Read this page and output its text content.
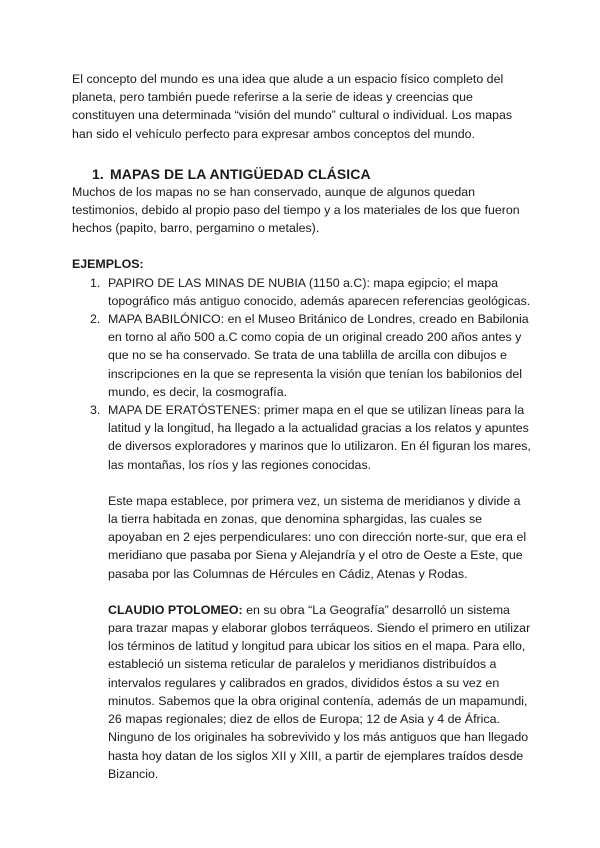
El concepto del mundo es una idea que alude a un espacio físico completo del planeta, pero también puede referirse a la serie de ideas y creencias que constituyen una determinada “visión del mundo” cultural o individual. Los mapas han sido el vehículo perfecto para expresar ambos conceptos del mundo.

1. MAPAS DE LA ANTIGÜEDAD CLÁSICA

Muchos de los mapas no se han conservado, aunque de algunos quedan testimonios, debido al propio paso del tiempo y a los materiales de los que fueron hechos (papito, barro, pergamino o metales).

EJEMPLOS:
1. PAPIRO DE LAS MINAS DE NUBIA (1150 a.C): mapa egipcio; el mapa topográfico más antiguo conocido, además aparecen referencias geológicas.
2. MAPA BABILÓNICO: en el Museo Británico de Londres, creado en Babilonia en torno al año 500 a.C como copia de un original creado 200 años antes y que no se ha conservado. Se trata de una tablilla de arcilla con dibujos e inscripciones en la que se representa la visión que tenían los babilonios del mundo, es decir, la cosmografía.
3. MAPA DE ERATÓSTENES: primer mapa en el que se utilizan líneas para la latitud y la longitud, ha llegado a la actualidad gracias a los relatos y apuntes de diversos exploradores y marinos que lo utilizaron. En él figuran los mares, las montañas, los ríos y las regiones conocidas.

Este mapa establece, por primera vez, un sistema de meridianos y divide a la tierra habitada en zonas, que denomina sphargidas, las cuales se apoyaban en 2 ejes perpendiculares: uno con dirección norte-sur, que era el meridiano que pasaba por Siena y Alejandría y el otro de Oeste a Este, que pasaba por las Columnas de Hércules en Cádiz, Atenas y Rodas.

CLAUDIO PTOLOMEO: en su obra “La Geografía” desarrolló un sistema para trazar mapas y elaborar globos terráqueos. Siendo el primero en utilizar los términos de latitud y longitud para ubicar los sitios en el mapa. Para ello, estableció un sistema reticular de paralelos y meridianos distribuídos a intervalos regulares y calibrados en grados, divididos éstos a su vez en minutos. Sabemos que la obra original contenía, además de un mapamundi, 26 mapas regionales; diez de ellos de Europa; 12 de Asia y 4 de África. Ninguno de los originales ha sobrevivido y los más antiguos que han llegado hasta hoy datan de los siglos XII y XIII, a partir de ejemplares traídos desde Bizancio.
